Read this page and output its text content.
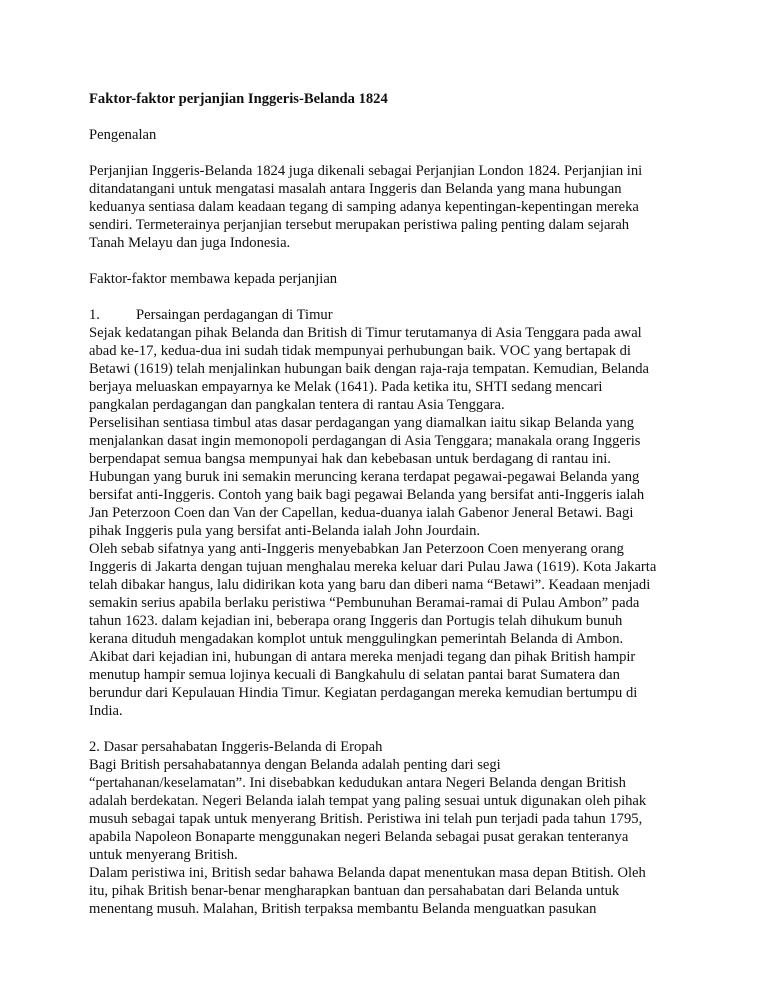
Faktor-faktor perjanjian Inggeris-Belanda 1824
Pengenalan
Perjanjian Inggeris-Belanda 1824 juga dikenali sebagai Perjanjian London 1824. Perjanjian ini
ditandatangani untuk mengatasi masalah antara Inggeris dan Belanda yang mana hubungan
keduanya sentiasa dalam keadaan tegang di samping adanya kepentingan-kepentingan mereka
sendiri. Termeterainya perjanjian tersebut merupakan peristiwa paling penting dalam sejarah
Tanah Melayu dan juga Indonesia.
Faktor-faktor membawa kepada perjanjian
1. Persaingan perdagangan di Timur
Sejak kedatangan pihak Belanda dan British di Timur terutamanya di Asia Tenggara pada awal
abad ke-17, kedua-dua ini sudah tidak mempunyai perhubungan baik. VOC yang bertapak di
Betawi (1619) telah menjalinkan hubungan baik dengan raja-raja tempatan. Kemudian, Belanda
berjaya meluaskan empayarnya ke Melak (1641). Pada ketika itu, SHTI sedang mencari
pangkalan perdagangan dan pangkalan tentera di rantau Asia Tenggara.
Perselisihan sentiasa timbul atas dasar perdagangan yang diamalkan iaitu sikap Belanda yang
menjalankan dasat ingin memonopoli perdagangan di Asia Tenggara; manakala orang Inggeris
berpendapat semua bangsa mempunyai hak dan kebebasan untuk berdagang di rantau ini.
Hubungan yang buruk ini semakin meruncing kerana terdapat pegawai-pegawai Belanda yang
bersifat anti-Inggeris. Contoh yang baik bagi pegawai Belanda yang bersifat anti-Inggeris ialah
Jan Peterzoon Coen dan Van der Capellan, kedua-duanya ialah Gabenor Jeneral Betawi. Bagi
pihak Inggeris pula yang bersifat anti-Belanda ialah John Jourdain.
Oleh sebab sifatnya yang anti-Inggeris menyebabkan Jan Peterzoon Coen menyerang orang
Inggeris di Jakarta dengan tujuan menghalau mereka keluar dari Pulau Jawa (1619). Kota Jakarta
telah dibakar hangus, lalu didirikan kota yang baru dan diberi nama “Betawi”. Keadaan menjadi
semakin serius apabila berlaku peristiwa “Pembunuhan Beramai-ramai di Pulau Ambon” pada
tahun 1623. dalam kejadian ini, beberapa orang Inggeris dan Portugis telah dihukum bunuh
kerana dituduh mengadakan komplot untuk menggulingkan pemerintah Belanda di Ambon.
Akibat dari kejadian ini, hubungan di antara mereka menjadi tegang dan pihak British hampir
menutup hampir semua lojinya kecuali di Bangkahulu di selatan pantai barat Sumatera dan
berundur dari Kepulauan Hindia Timur. Kegiatan perdagangan mereka kemudian bertumpu di
India.
2. Dasar persahabatan Inggeris-Belanda di Eropah
Bagi British persahabatannya dengan Belanda adalah penting dari segi
“pertahanan/keselamatan”. Ini disebabkan kedudukan antara Negeri Belanda dengan British
adalah berdekatan. Negeri Belanda ialah tempat yang paling sesuai untuk digunakan oleh pihak
musuh sebagai tapak untuk menyerang British. Peristiwa ini telah pun terjadi pada tahun 1795,
apabila Napoleon Bonaparte menggunakan negeri Belanda sebagai pusat gerakan tenteranya
untuk menyerang British.
Dalam peristiwa ini, British sedar bahawa Belanda dapat menentukan masa depan Btitish. Oleh
itu, pihak British benar-benar mengharapkan bantuan dan persahabatan dari Belanda untuk
menentang musuh. Malahan, British terpaksa membantu Belanda menguatkan pasukan
